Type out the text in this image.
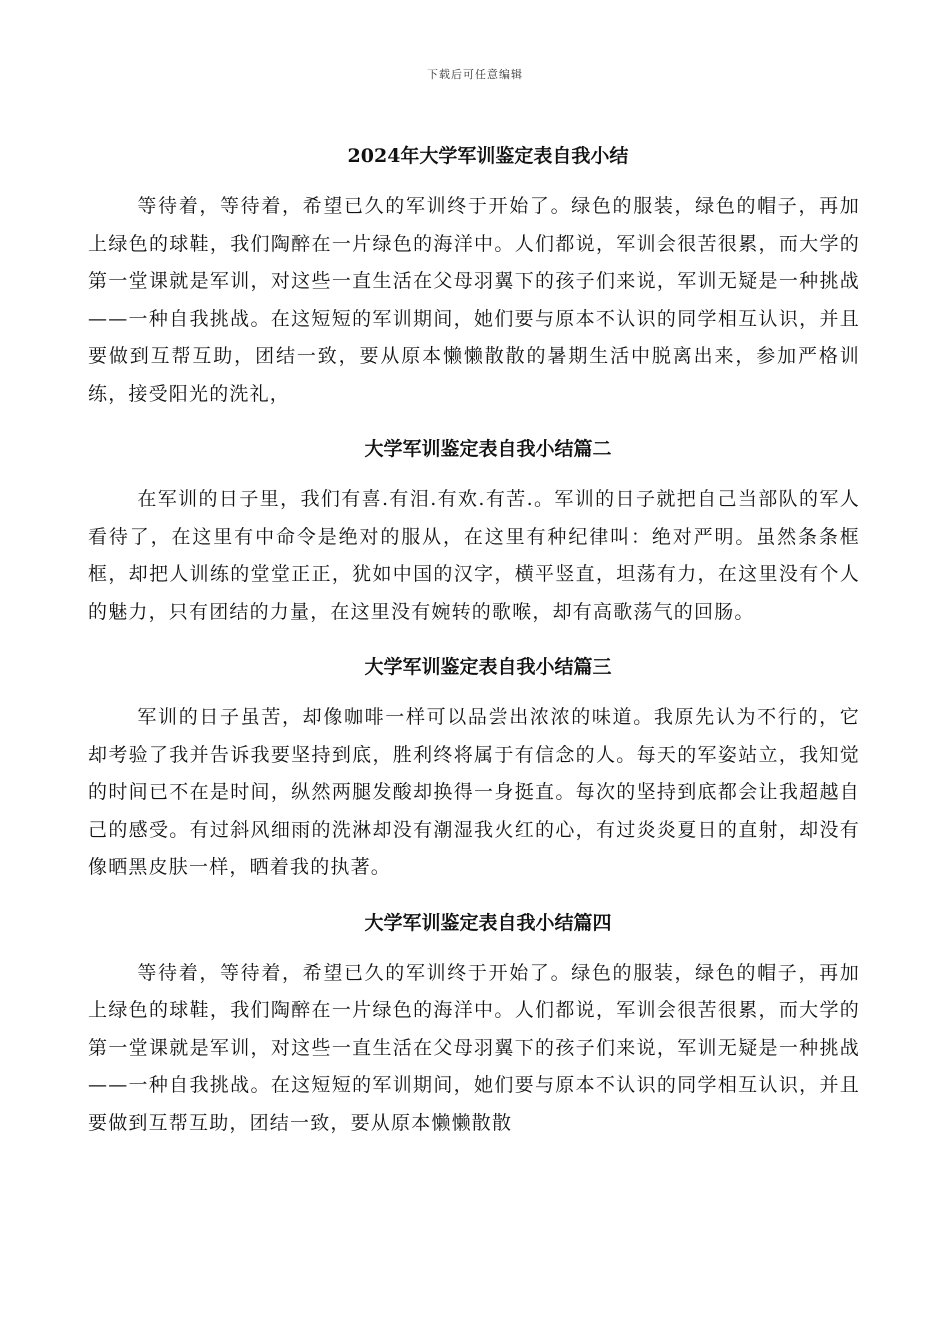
下载后可任意编辑
2024年大学军训鉴定表自我小结

等待着，等待着，希望已久的军训终于开始了。绿色的服装，绿色的帽子，再加上绿色的球鞋，我们陶醉在一片绿色的海洋中。人们都说，军训会很苦很累，而大学的第一堂课就是军训，对这些一直生活在父母羽翼下的孩子们来说，军训无疑是一种挑战——一种自我挑战。在这短短的军训期间，她们要与原本不认识的同学相互认识，并且要做到互帮互助，团结一致，要从原本懒懒散散的暑期生活中脱离出来，参加严格训练，接受阳光的洗礼，

大学军训鉴定表自我小结篇二

在军训的日子里，我们有喜.有泪.有欢.有苦.。军训的日子就把自己当部队的军人看待了，在这里有中命令是绝对的服从，在这里有种纪律叫：绝对严明。虽然条条框框，却把人训练的堂堂正正，犹如中国的汉字，横平竖直，坦荡有力，在这里没有个人的魅力，只有团结的力量，在这里没有婉转的歌喉，却有高歌荡气的回肠。

大学军训鉴定表自我小结篇三

军训的日子虽苦，却像咖啡一样可以品尝出浓浓的味道。我原先认为不行的，它却考验了我并告诉我要坚持到底，胜利终将属于有信念的人。每天的军姿站立，我知觉的时间已不在是时间，纵然两腿发酸却换得一身挺直。每次的坚持到底都会让我超越自己的感受。有过斜风细雨的洗淋却没有潮湿我火红的心，有过炎炎夏日的直射，却没有像晒黑皮肤一样，晒着我的执著。

大学军训鉴定表自我小结篇四

等待着，等待着，希望已久的军训终于开始了。绿色的服装，绿色的帽子，再加上绿色的球鞋，我们陶醉在一片绿色的海洋中。人们都说，军训会很苦很累，而大学的第一堂课就是军训，对这些一直生活在父母羽翼下的孩子们来说，军训无疑是一种挑战——一种自我挑战。在这短短的军训期间，她们要与原本不认识的同学相互认识，并且要做到互帮互助，团结一致，要从原本懒懒散散
